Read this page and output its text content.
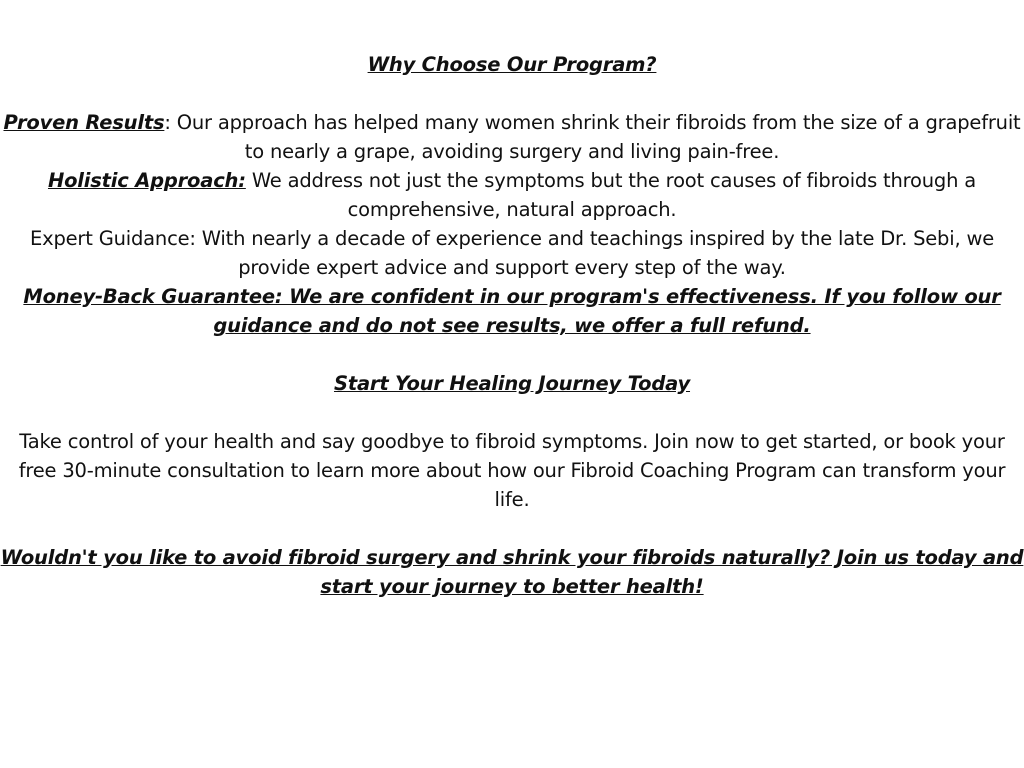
Why Choose Our Program?
Proven Results: Our approach has helped many women shrink their fibroids from the size of a grapefruit to nearly a grape, avoiding surgery and living pain-free.
Holistic Approach: We address not just the symptoms but the root causes of fibroids through a comprehensive, natural approach.
Expert Guidance: With nearly a decade of experience and teachings inspired by the late Dr. Sebi, we provide expert advice and support every step of the way.
Money-Back Guarantee: We are confident in our program's effectiveness. If you follow our guidance and do not see results, we offer a full refund.
Start Your Healing Journey Today
Take control of your health and say goodbye to fibroid symptoms. Join now to get started, or book your free 30-minute consultation to learn more about how our Fibroid Coaching Program can transform your life.
Wouldn't you like to avoid fibroid surgery and shrink your fibroids naturally? Join us today and start your journey to better health!
